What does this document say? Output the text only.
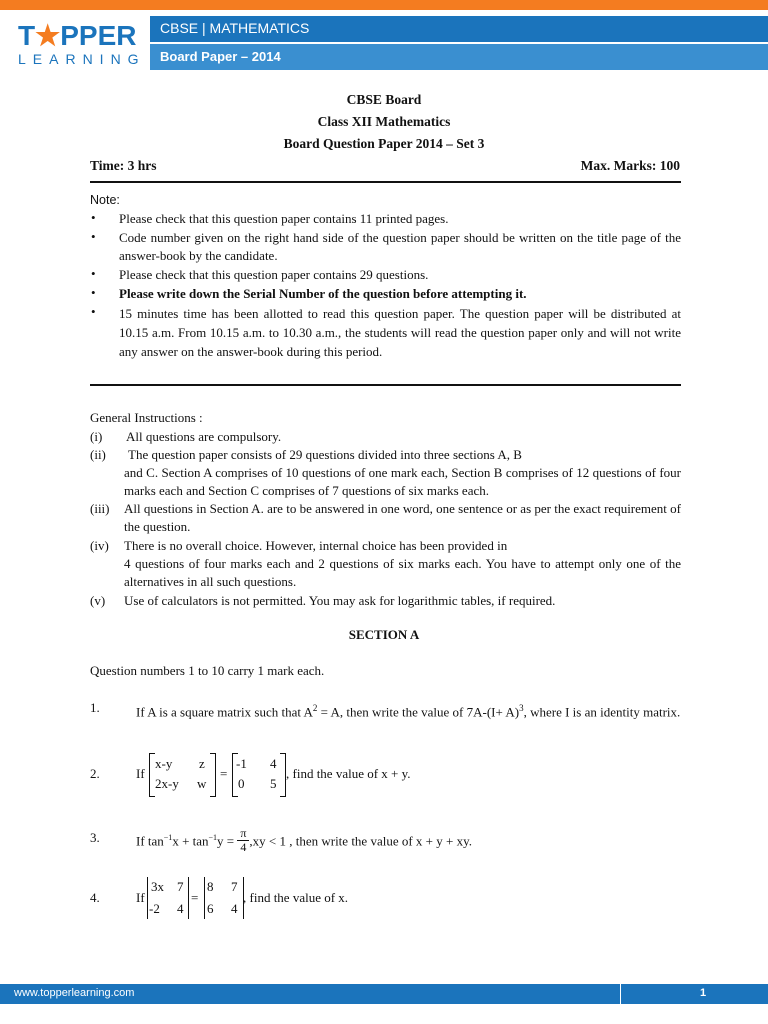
T★PPER
LEARNING
CBSE | MATHEMATICS
Board Paper – 2014
CBSE Board
Class XII Mathematics
Board Question Paper 2014 – Set 3
Time: 3 hrs	Max. Marks: 100
Note:
• Please check that this question paper contains 11 printed pages.
• Code number given on the right hand side of the question paper should be written on the title page of the answer-book by the candidate.
• Please check that this question paper contains 29 questions.
• Please write down the Serial Number of the question before attempting it.
• 15 minutes time has been allotted to read this question paper. The question paper will be distributed at 10.15 a.m. From 10.15 a.m. to 10.30 a.m., the students will read the question paper only and will not write any answer on the answer-book during this period.
General Instructions :
(i) All questions are compulsory.
(ii) The question paper consists of 29 questions divided into three sections A, B
and C. Section A comprises of 10 questions of one mark each, Section B comprises of 12 questions of four marks each and Section C comprises of 7 questions of six marks each.
(iii) All questions in Section A. are to be answered in one word, one sentence or as per the exact requirement of the question.
(iv) There is no overall choice. However, internal choice has been provided in
4 questions of four marks each and 2 questions of six marks each. You have to attempt only one of the alternatives in all such questions.
(v) Use of calculators is not permitted. You may ask for logarithmic tables, if required.
SECTION A
Question numbers 1 to 10 carry 1 mark each.
1.	If A is a square matrix such that $A^2 = A$, then write the value of $7A-(I+ A)^3$, where I is an identity matrix.
2.	If
x-y z
2x-y w
=
-1 4
0 5
, find the value of x + y.
3.	If $\tan^{-1}x + \tan^{-1}y = \frac{\pi}{4} ,xy < 1$ , then write the value of x + y + xy.
4.	If
3x 7
-2 4
=
8 7
6 4
, find the value of x.
www.topperlearning.com	1
